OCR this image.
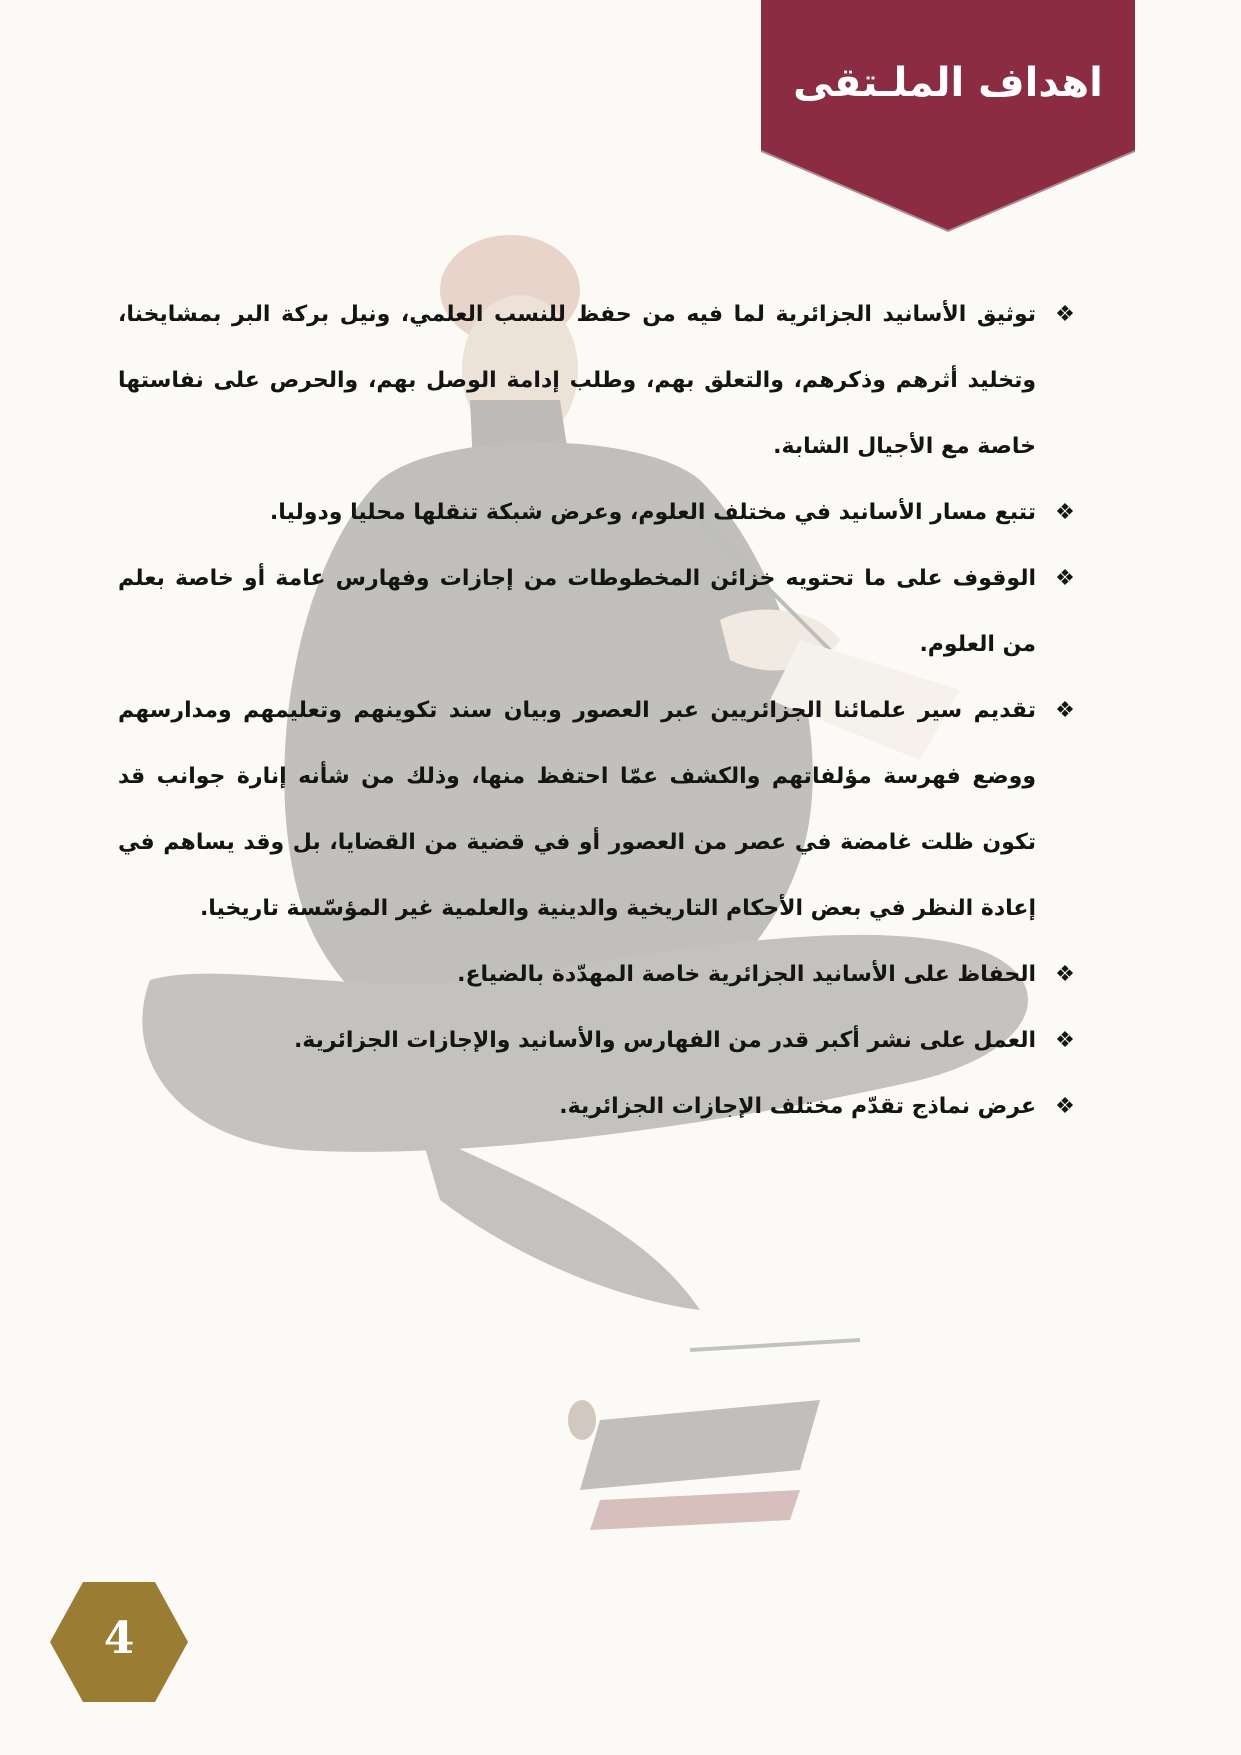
اهداف الملـتقى
❖
توثيق الأسانيد الجزائرية لما فيه من حفظ للنسب العلمي، ونيل بركة البر بمشايخنا، وتخليد أثرهم وذكرهم، والتعلق بهم، وطلب إدامة الوصل بهم، والحرص على نفاستها خاصة مع الأجيال الشابة.
❖
تتبع مسار الأسانيد في مختلف العلوم، وعرض شبكة تنقلها محليا ودوليا.
❖
الوقوف على ما تحتويه خزائن المخطوطات من إجازات وفهارس عامة أو خاصة بعلم من العلوم.
❖
تقديم سير علمائنا الجزائريين عبر العصور وبيان سند تكوينهم وتعليمهم ومدارسهم ووضع فهرسة مؤلفاتهم والكشف عمّا احتفظ منها، وذلك من شأنه إنارة جوانب قد تكون ظلت غامضة في عصر من العصور أو في قضية من القضايا، بل وقد يساهم في إعادة النظر في بعض الأحكام التاريخية والدينية والعلمية غير المؤسّسة تاريخيا.
❖
الحفاظ على الأسانيد الجزائرية خاصة المهدّدة بالضياع.
❖
العمل على نشر أكبر قدر من الفهارس والأسانيد والإجازات الجزائرية.
❖
عرض نماذج تقدّم مختلف الإجازات الجزائرية.
4
